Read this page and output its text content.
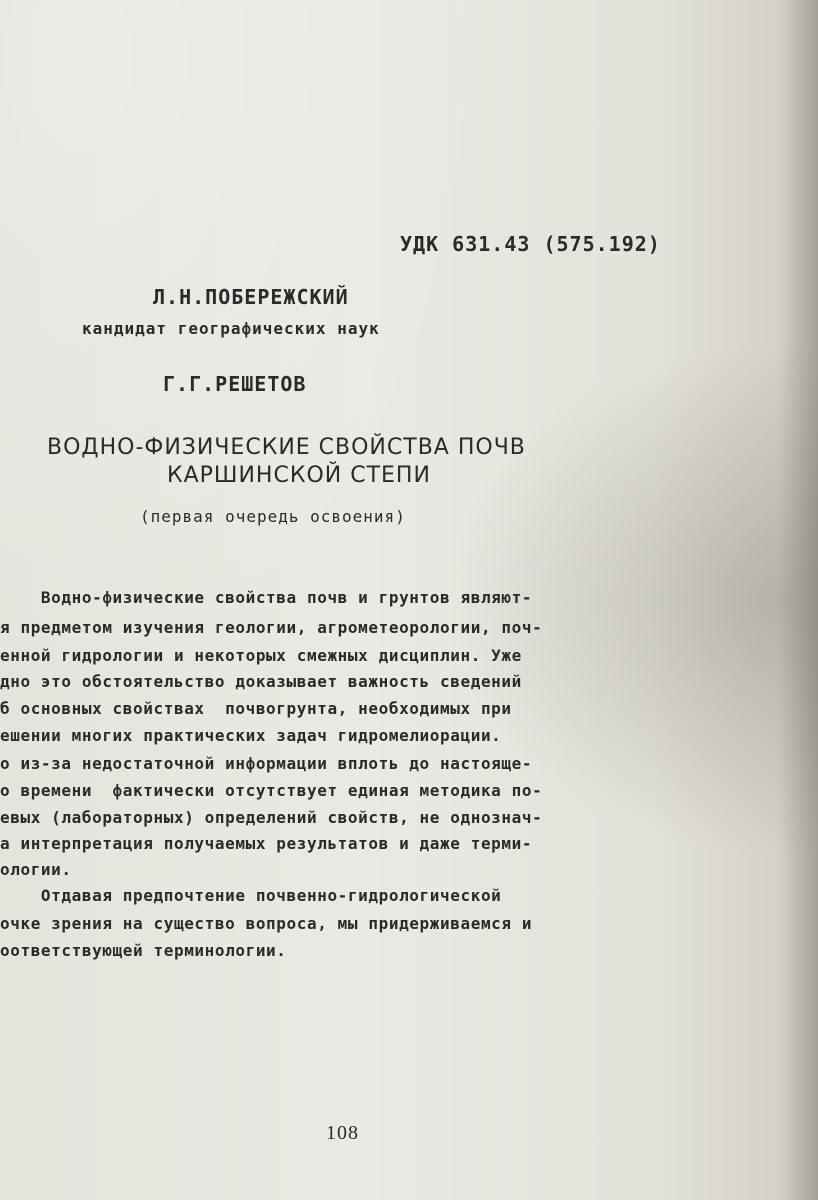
УДК 631.43 (575.192)
Л.Н.ПОБЕРЕЖСКИЙ
кандидат географических наук
Г.Г.РЕШЕТОВ
ВОДНО-ФИЗИЧЕСКИЕ СВОЙСТВА ПОЧВ
КАРШИНСКОЙ СТЕПИ
(первая очередь освоения)
Водно-физические свойства почв и грунтов являют-
я предметом изучения геологии, агрометеорологии, поч-
енной гидрологии и некоторых смежных дисциплин. Уже
дно это обстоятельство доказывает важность сведений
б основных свойствах  почвогрунта, необходимых при
ешении многих практических задач гидромелиорации.
о из-за недостаточной информации вплоть до настояще-
о времени  фактически отсутствует единая методика по-
евых (лабораторных) определений свойств, не однознач-
а интерпретация получаемых результатов и даже терми-
ологии.
Отдавая предпочтение почвенно-гидрологической
очке зрения на существо вопроса, мы придерживаемся и
оответствующей терминологии.
108
